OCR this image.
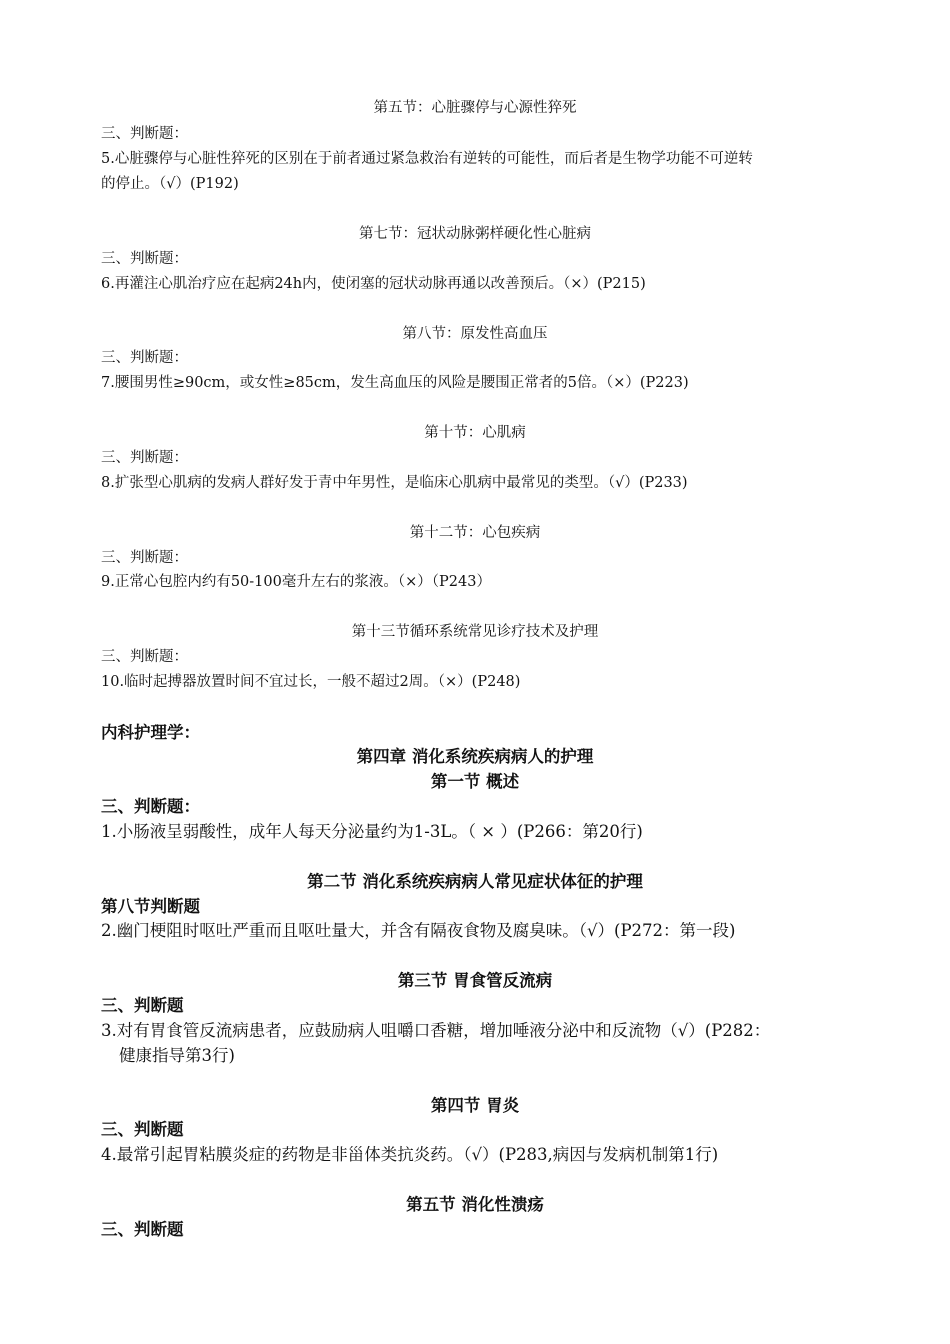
第五节：心脏骤停与心源性猝死
三、判断题：
5.心脏骤停与心脏性猝死的区别在于前者通过紧急救治有逆转的可能性，而后者是生物学功能不可逆转
的停止。（√）(P192)
第七节：冠状动脉粥样硬化性心脏病
三、判断题：
6.再灌注心肌治疗应在起病24h内，使闭塞的冠状动脉再通以改善预后。（×）(P215)
第八节：原发性高血压
三、判断题：
7.腰围男性≥90cm，或女性≥85cm，发生高血压的风险是腰围正常者的5倍。（×）(P223)
第十节：心肌病
三、判断题：
8.扩张型心肌病的发病人群好发于青中年男性，是临床心肌病中最常见的类型。（√）(P233)
第十二节：心包疾病
三、判断题：
9.正常心包腔内约有50-100毫升左右的浆液。（×）（P243）
第十三节循环系统常见诊疗技术及护理
三、判断题：
10.临时起搏器放置时间不宜过长，一般不超过2周。（×）(P248)
内科护理学：
第四章 消化系统疾病病人的护理
第一节 概述
三、判断题：
1.小肠液呈弱酸性，成年人每天分泌量约为1-3L。（ × ）(P266：第20行)
第二节 消化系统疾病病人常见症状体征的护理
第八节判断题
2.幽门梗阻时呕吐严重而且呕吐量大，并含有隔夜食物及腐臭味。（√）(P272：第一段)
第三节 胃食管反流病
三、判断题
3.对有胃食管反流病患者，应鼓励病人咀嚼口香糖，增加唾液分泌中和反流物（√）(P282：
健康指导第3行)
第四节 胃炎
三、判断题
4.最常引起胃粘膜炎症的药物是非甾体类抗炎药。（√）(P283,病因与发病机制第1行)
第五节 消化性溃疡
三、判断题
